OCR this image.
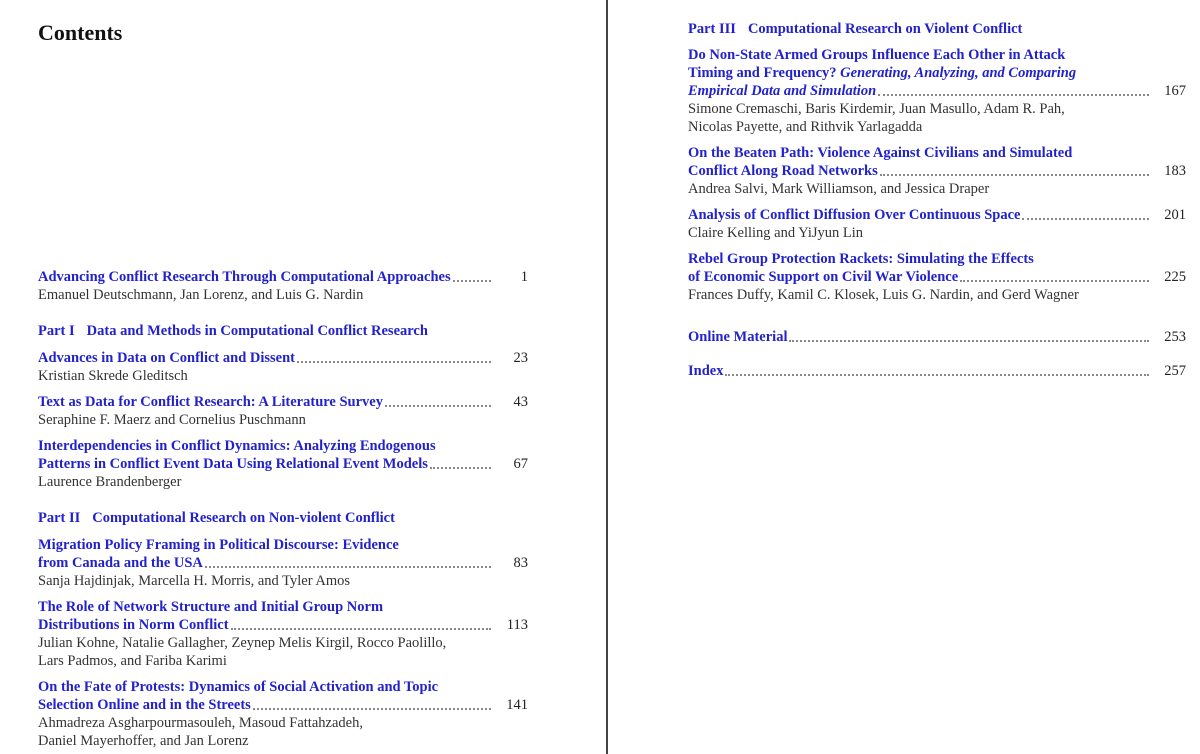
Contents
Advancing Conflict Research Through Computational Approaches	1
Emanuel Deutschmann, Jan Lorenz, and Luis G. Nardin
Part I Data and Methods in Computational Conflict Research
Advances in Data on Conflict and Dissent	23
Kristian Skrede Gleditsch
Text as Data for Conflict Research: A Literature Survey	43
Seraphine F. Maerz and Cornelius Puschmann
Interdependencies in Conflict Dynamics: Analyzing Endogenous
Patterns in Conflict Event Data Using Relational Event Models	67
Laurence Brandenberger
Part II Computational Research on Non-violent Conflict
Migration Policy Framing in Political Discourse: Evidence
from Canada and the USA	83
Sanja Hajdinjak, Marcella H. Morris, and Tyler Amos
The Role of Network Structure and Initial Group Norm
Distributions in Norm Conflict	113
Julian Kohne, Natalie Gallagher, Zeynep Melis Kirgil, Rocco Paolillo,
Lars Padmos, and Fariba Karimi
On the Fate of Protests: Dynamics of Social Activation and Topic
Selection Online and in the Streets	141
Ahmadreza Asgharpourmasouleh, Masoud Fattahzadeh,
Daniel Mayerhoffer, and Jan Lorenz
Part III Computational Research on Violent Conflict
Do Non-State Armed Groups Influence Each Other in Attack
Timing and Frequency? Generating, Analyzing, and Comparing
Empirical Data and Simulation	167
Simone Cremaschi, Baris Kirdemir, Juan Masullo, Adam R. Pah,
Nicolas Payette, and Rithvik Yarlagadda
On the Beaten Path: Violence Against Civilians and Simulated
Conflict Along Road Networks	183
Andrea Salvi, Mark Williamson, and Jessica Draper
Analysis of Conflict Diffusion Over Continuous Space	201
Claire Kelling and YiJyun Lin
Rebel Group Protection Rackets: Simulating the Effects
of Economic Support on Civil War Violence	225
Frances Duffy, Kamil C. Klosek, Luis G. Nardin, and Gerd Wagner
Online Material	253
Index	257
